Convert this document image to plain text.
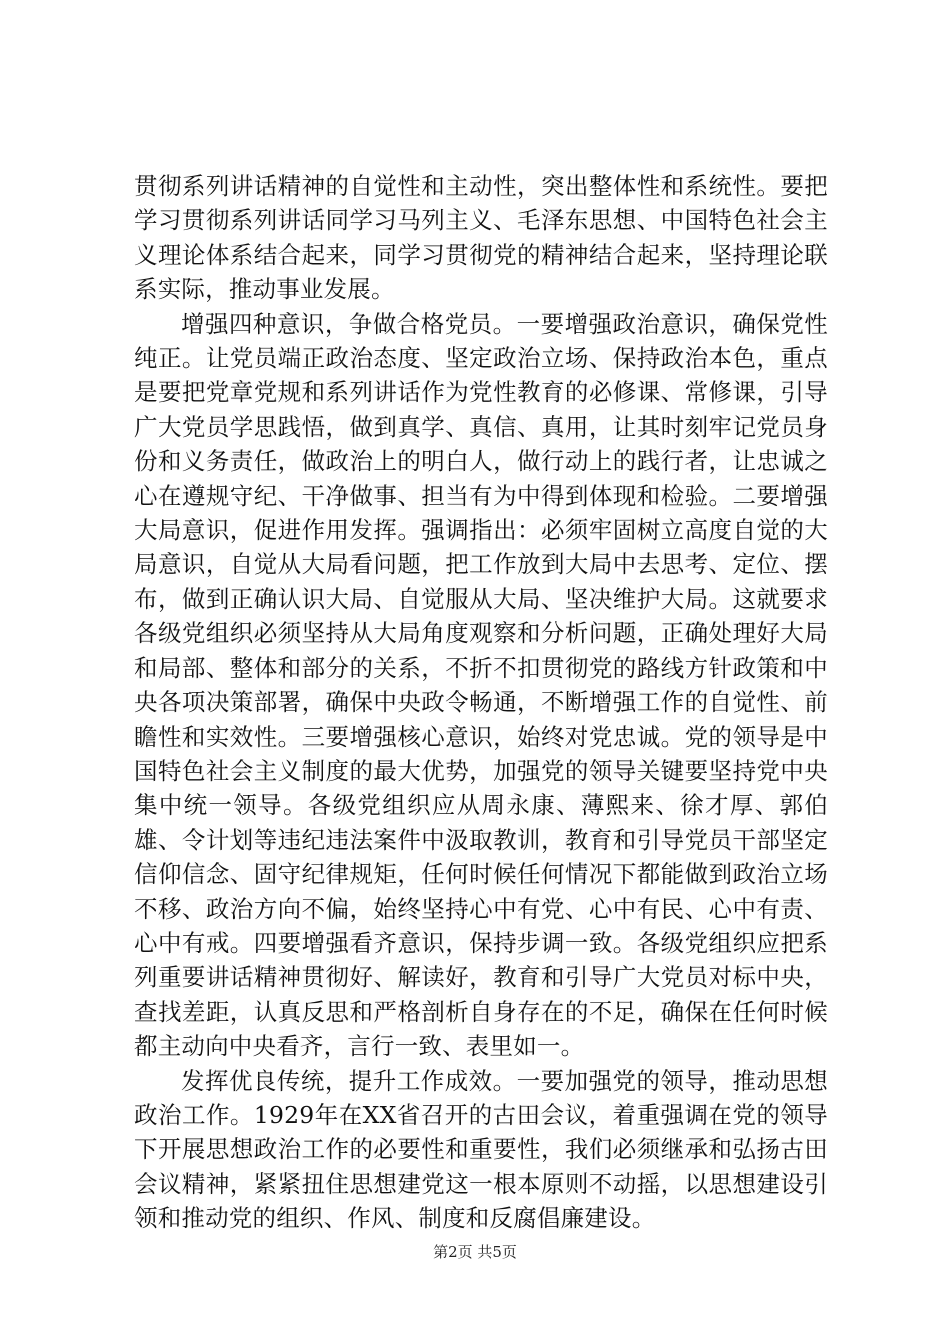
贯彻系列讲话精神的自觉性和主动性，突出整体性和系统性。要把学习贯彻系列讲话同学习马列主义、毛泽东思想、中国特色社会主义理论体系结合起来，同学习贯彻党的精神结合起来，坚持理论联系实际，推动事业发展。

增强四种意识，争做合格党员。一要增强政治意识，确保党性纯正。让党员端正政治态度、坚定政治立场、保持政治本色，重点是要把党章党规和系列讲话作为党性教育的必修课、常修课，引导广大党员学思践悟，做到真学、真信、真用，让其时刻牢记党员身份和义务责任，做政治上的明白人，做行动上的践行者，让忠诚之心在遵规守纪、干净做事、担当有为中得到体现和检验。二要增强大局意识，促进作用发挥。强调指出：必须牢固树立高度自觉的大局意识，自觉从大局看问题，把工作放到大局中去思考、定位、摆布，做到正确认识大局、自觉服从大局、坚决维护大局。这就要求各级党组织必须坚持从大局角度观察和分析问题，正确处理好大局和局部、整体和部分的关系，不折不扣贯彻党的路线方针政策和中央各项决策部署，确保中央政令畅通，不断增强工作的自觉性、前瞻性和实效性。三要增强核心意识，始终对党忠诚。党的领导是中国特色社会主义制度的最大优势，加强党的领导关键要坚持党中央集中统一领导。各级党组织应从周永康、薄熙来、徐才厚、郭伯雄、令计划等违纪违法案件中汲取教训，教育和引导党员干部坚定信仰信念、固守纪律规矩，任何时候任何情况下都能做到政治立场不移、政治方向不偏，始终坚持心中有党、心中有民、心中有责、心中有戒。四要增强看齐意识，保持步调一致。各级党组织应把系列重要讲话精神贯彻好、解读好，教育和引导广大党员对标中央，查找差距，认真反思和严格剖析自身存在的不足，确保在任何时候都主动向中央看齐，言行一致、表里如一。

发挥优良传统，提升工作成效。一要加强党的领导，推动思想政治工作。1929年在XX省召开的古田会议，着重强调在党的领导下开展思想政治工作的必要性和重要性，我们必须继承和弘扬古田会议精神，紧紧扭住思想建党这一根本原则不动摇，以思想建设引领和推动党的组织、作风、制度和反腐倡廉建设。

第2页 共5页
